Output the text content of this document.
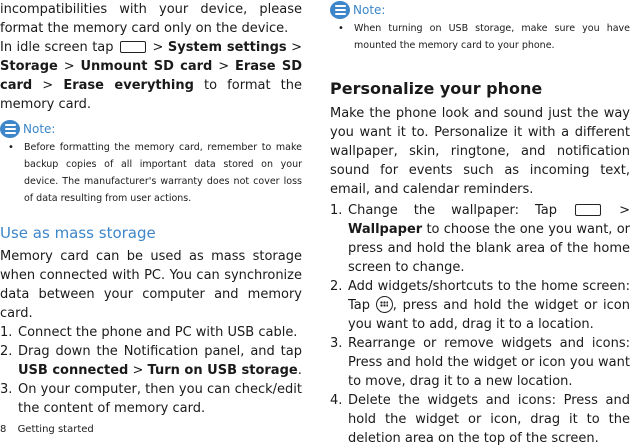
incompatibilities with your device, please format the memory card only on the device.

In idle screen tap	> System settings > Storage > Unmount SD card > Erase SD card > Erase everything to format the memory card.

Note:

• Before formatting the memory card, remember to make backup copies of all important data stored on your device. The manufacturer's warranty does not cover loss of data resulting from user actions.

Use as mass storage

Memory card can be used as mass storage when connected with PC. You can synchronize data between your computer and memory card.

1. Connect the phone and PC with USB cable.
2. Drag down the Notification panel, and tap USB connected > Turn on USB storage.
3. On your computer, then you can check/edit the content of memory card.
Note:

• When turning on USB storage, make sure you have mounted the memory card to your phone.

Personalize your phone

Make the phone look and sound just the way you want it to. Personalize it with a different wallpaper, skin, ringtone, and notification sound for events such as incoming text, email, and calendar reminders.

1. Change the wallpaper: Tap	> Wallpaper to choose the one you want, or press and hold the blank area of the home screen to change.
2. Add widgets/shortcuts to the home screen: Tap , press and hold the widget or icon you want to add, drag it to a location.
3. Rearrange or remove widgets and icons: Press and hold the widget or icon you want to move, drag it to a new location.
4. Delete the widgets and icons: Press and hold the widget or icon, drag it to the deletion area on the top of the screen.
8 Getting started
